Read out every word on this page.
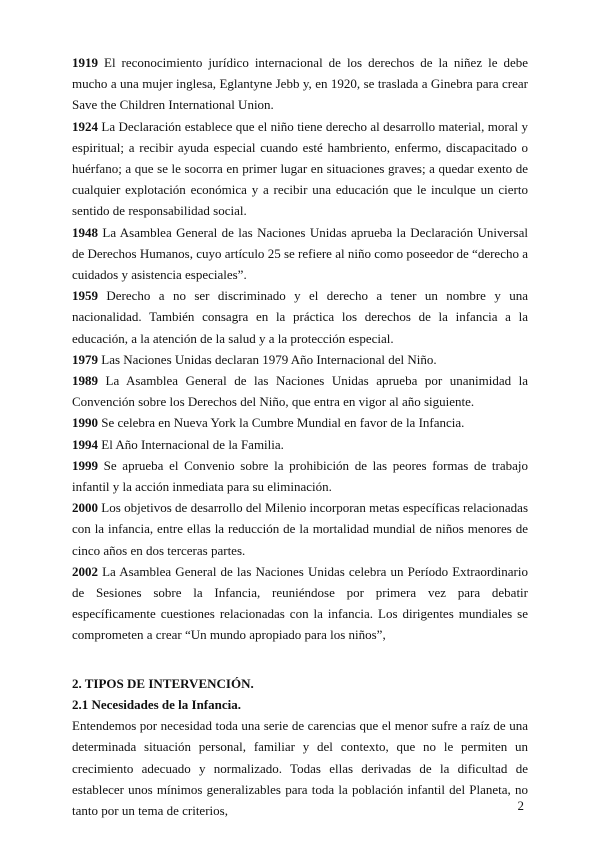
1919 El reconocimiento jurídico internacional de los derechos de la niñez le debe mucho a una mujer inglesa, Eglantyne Jebb y, en 1920, se traslada a Ginebra para crear Save the Children International Union.
1924 La Declaración establece que el niño tiene derecho al desarrollo material, moral y espiritual; a recibir ayuda especial cuando esté hambriento, enfermo, discapacitado o huérfano; a que se le socorra en primer lugar en situaciones graves; a quedar exento de cualquier explotación económica y a recibir una educación que le inculque un cierto sentido de responsabilidad social.
1948 La Asamblea General de las Naciones Unidas aprueba la Declaración Universal de Derechos Humanos, cuyo artículo 25 se refiere al niño como poseedor de “derecho a cuidados y asistencia especiales”.
1959 Derecho a no ser discriminado y el derecho a tener un nombre y una nacionalidad. También consagra en la práctica los derechos de la infancia a la educación, a la atención de la salud y a la protección especial.
1979 Las Naciones Unidas declaran 1979 Año Internacional del Niño.
1989 La Asamblea General de las Naciones Unidas aprueba por unanimidad la Convención sobre los Derechos del Niño, que entra en vigor al año siguiente.
1990 Se celebra en Nueva York la Cumbre Mundial en favor de la Infancia.
1994 El Año Internacional de la Familia.
1999 Se aprueba el Convenio sobre la prohibición de las peores formas de trabajo infantil y la acción inmediata para su eliminación.
2000 Los objetivos de desarrollo del Milenio incorporan metas específicas relacionadas con la infancia, entre ellas la reducción de la mortalidad mundial de niños menores de cinco años en dos terceras partes.
2002 La Asamblea General de las Naciones Unidas celebra un Período Extraordinario de Sesiones sobre la Infancia, reuniéndose por primera vez para debatir específicamente cuestiones relacionadas con la infancia. Los dirigentes mundiales se comprometen a crear “Un mundo apropiado para los niños”,
2. TIPOS DE INTERVENCIÓN.
2.1 Necesidades de la Infancia.
Entendemos por necesidad toda una serie de carencias que el menor sufre a raíz de una determinada situación personal, familiar y del contexto, que no le permiten un crecimiento adecuado y normalizado. Todas ellas derivadas de la dificultad de establecer unos mínimos generalizables para toda la población infantil del Planeta, no tanto por un tema de criterios,	2
